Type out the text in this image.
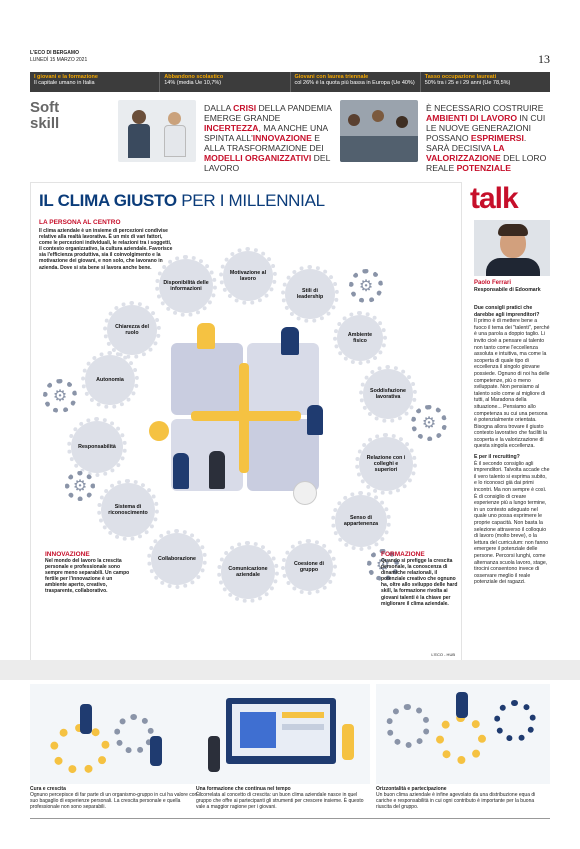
L'ECO DI BERGAMO
LUNEDÌ 15 MARZO 2021	13
I giovani e la formazione
Il capitale umano in Italia
Abbandono scolastico
14% (media Ue 10,7%)
Giovani con laurea triennale
col 26% è la quota più bassa in Europa (Ue 40%)
Tasso occupazione laureati
50% tra i 25 e i 29 anni (Ue 78,5%)
Soft
skill
DALLA CRISI DELLA PANDEMIA EMERGE GRANDE INCERTEZZA, MA ANCHE UNA SPINTA ALL'INNOVAZIONE E ALLA TRASFORMAZIONE DEI MODELLI ORGANIZZATIVI DEL LAVORO
È NECESSARIO COSTRUIRE AMBIENTI DI LAVORO IN CUI LE NUOVE GENERAZIONI POSSANO ESPRIMERSI. SARÀ DECISIVA LA VALORIZZAZIONE DEL LORO REALE POTENZIALE
IL CLIMA GIUSTO PER I MILLENNIAL
LA PERSONA AL CENTRO
Il clima aziendale è un insieme di percezioni condivise relative alla realtà lavorativa. È un mix di vari fattori, come le percezioni individuali, le relazioni tra i soggetti, il contesto organizzativo, la cultura aziendale. Favorisce sia l'efficienza produttiva, sia il coinvolgimento e la motivazione dei giovani, e non solo, che lavorano in azienda. Dove si sta bene si lavora anche bene.
Disponibilità delle informazioni
Motivazione al lavoro
Stili di leadership
Chiarezza del ruolo	Ambiente fisico
Autonomia
Soddisfazione lavorativa
Responsabilità
Relazione con i colleghi e superiori
Sistema di riconoscimento
Senso di appartenenza
Collaborazione
Comunicazione aziendale
Coesione di gruppo
⚙
⚙
⚙
⚙
⚙
INNOVAZIONE
Nel mondo del lavoro la crescita personale e professionale sono sempre meno separabili. Un campo fertile per l'innovazione è un ambiente aperto, creativo, trasparente, collaborativo.
FORMAZIONE
Quando si prefigge la crescita personale, la conoscenza di dinamiche relazionali, il potenziale creativo che ognuno ha, oltre allo sviluppo delle hard skill, la formazione rivolta ai giovani talenti è la chiave per migliorare il clima aziendale.
L'ECO - HUB
talk
Paolo Ferrari
Responsabile di Edoomark
Due consigli pratici che darebbe agli imprenditori?
Il primo è di mettere bene a fuoco il tema dei "talenti", perché è una parola a doppio taglio. Li invito cioè a pensare al talento non tanto come l'eccellenza assoluta e intuitiva, ma come la scoperta di quale tipo di eccellenza il singolo giovane possiede. Ognuno di noi ha delle competenze, più o meno sviluppate. Non pensiamo al talento solo come al migliore di tutti, al Maradona della situazione... Pensiamo allo competenza su cui una persona è potenzialmente orientata. Bisogna allora trovare il giusto contesto lavorativo che faciliti la scoperta e la valorizzazione di questa singola eccellenza.
E per il recruiting?
È il secondo consiglio agli imprenditori. Talvolta accade che il vero talento si esprima subito, e lo riconosci già dai primi incontri. Ma non sempre è così. È di consiglio di creare esperienze più a lungo termine, in un contesto adeguato nel quale uno possa esprimere le proprie capacità. Non basta la selezione attraverso il colloquio di lavoro (molto breve), o la lettura del curriculum: non fanno emergere il potenziale delle persone. Percorsi lunghi, come alternanza scuola lavoro, stage, tirocini consentono invece di osservare meglio il reale potenziale dei ragazzi.
Cura e crescita
Ognuno percepisce di far parte di un organismo-gruppo in cui ha valore con il suo bagaglio di esperienze personali. La crescita personale e quella professionale non sono separabili.
Una formazione che continua nel tempo
È correlata al concetto di crescita: un buon clima aziendale nasce in quel gruppo che offre ai partecipanti gli strumenti per crescere insieme. È questo vale a maggior ragione per i giovani.
Orizzontalità e partecipazione
Un buon clima aziendale è infine agevolato da una distribuzione equa di cariche e responsabilità in cui ogni contributo è importante per la buona riuscita del gruppo.
